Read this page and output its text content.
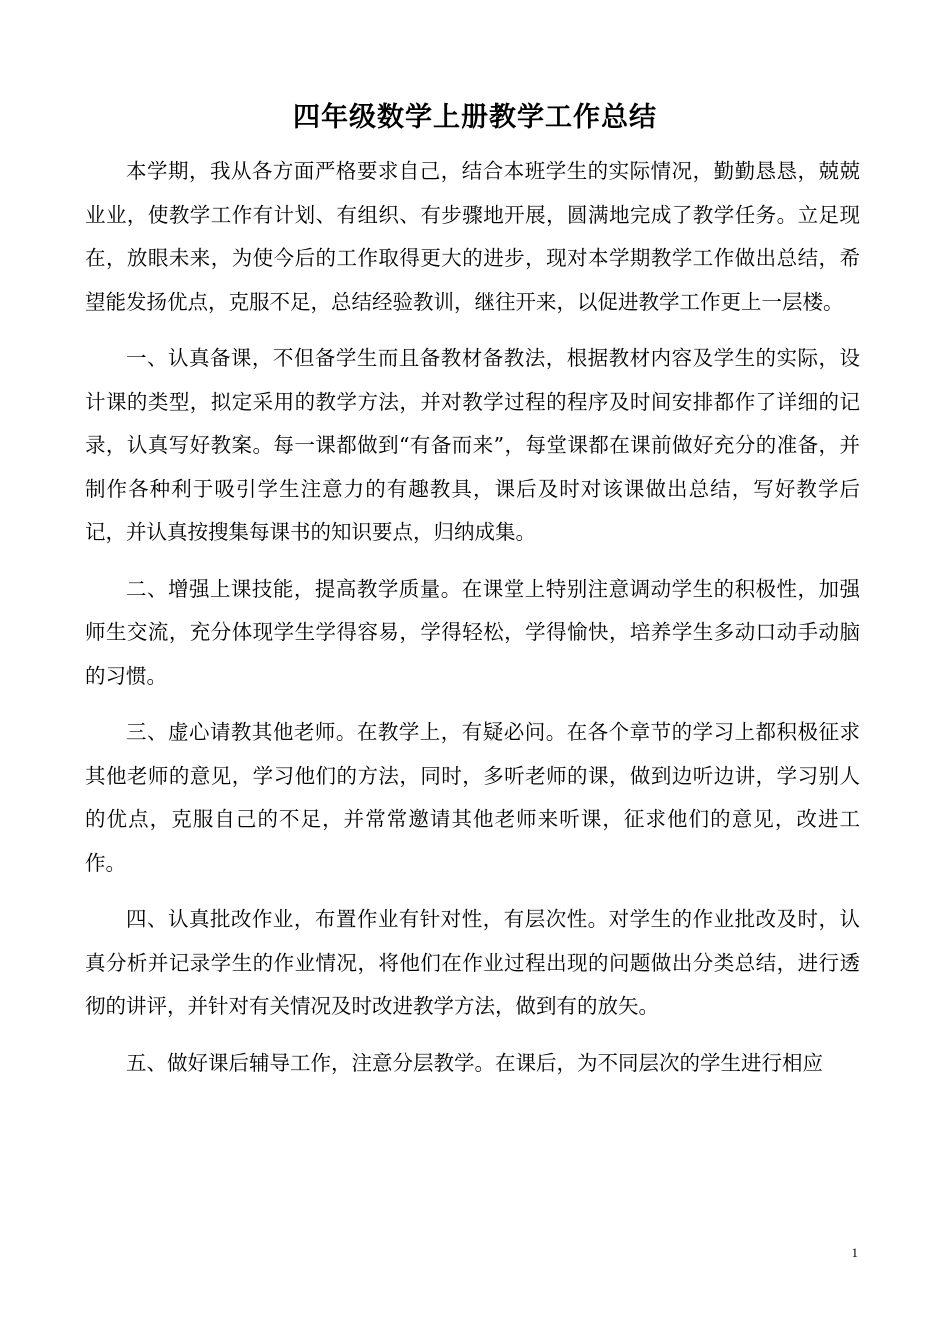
四年级数学上册教学工作总结

本学期，我从各方面严格要求自己，结合本班学生的实际情况，勤勤恳恳，兢兢业业，使教学工作有计划、有组织、有步骤地开展，圆满地完成了教学任务。立足现在，放眼未来，为使今后的工作取得更大的进步，现对本学期教学工作做出总结，希望能发扬优点，克服不足，总结经验教训，继往开来，以促进教学工作更上一层楼。

一、认真备课，不但备学生而且备教材备教法，根据教材内容及学生的实际，设计课的类型，拟定采用的教学方法，并对教学过程的程序及时间安排都作了详细的记录，认真写好教案。每一课都做到“有备而来”，每堂课都在课前做好充分的准备，并制作各种利于吸引学生注意力的有趣教具，课后及时对该课做出总结，写好教学后记，并认真按搜集每课书的知识要点，归纳成集。

二、增强上课技能，提高教学质量。在课堂上特别注意调动学生的积极性，加强师生交流，充分体现学生学得容易，学得轻松，学得愉快，培养学生多动口动手动脑的习惯。

三、虚心请教其他老师。在教学上，有疑必问。在各个章节的学习上都积极征求其他老师的意见，学习他们的方法，同时，多听老师的课，做到边听边讲，学习别人的优点，克服自己的不足，并常常邀请其他老师来听课，征求他们的意见，改进工作。

四、认真批改作业，布置作业有针对性，有层次性。对学生的作业批改及时，认真分析并记录学生的作业情况，将他们在作业过程出现的问题做出分类总结，进行透彻的讲评，并针对有关情况及时改进教学方法，做到有的放矢。

五、做好课后辅导工作，注意分层教学。在课后，为不同层次的学生进行相应

1
